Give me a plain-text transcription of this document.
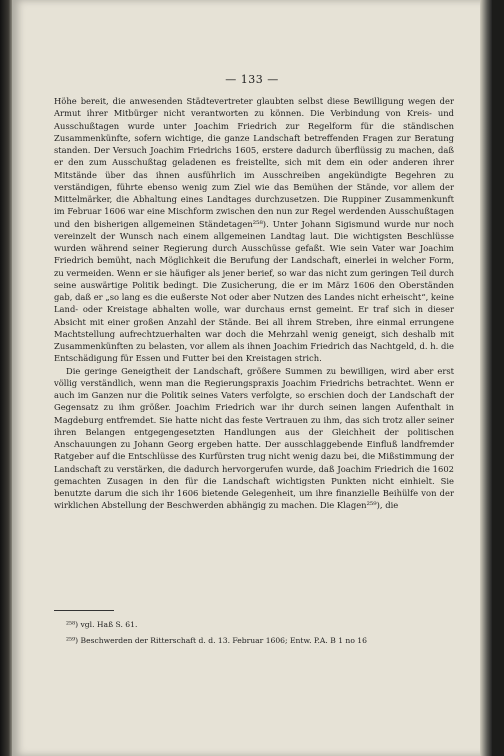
— 133 —

Höhe bereit, die anwesenden Städtevertreter glaubten selbst diese Bewilligung wegen der Armut ihrer Mitbürger nicht verantworten zu können. Die Verbindung von Kreis- und Ausschußtagen wurde unter Joachim Friedrich zur Regelform für die ständischen Zusammenkünfte, sofern wichtige, die ganze Landschaft betreffenden Fragen zur Beratung standen. Der Versuch Joachim Friedrichs 1605, erstere dadurch überflüssig zu machen, daß er den zum Ausschußtag geladenen es freistellte, sich mit dem ein oder anderen ihrer Mitstände über das ihnen ausführlich im Ausschreiben angekündigte Begehren zu verständigen, führte ebenso wenig zum Ziel wie das Bemühen der Stände, vor allem der Mittelmärker, die Abhaltung eines Landtages durchzusetzen. Die Ruppiner Zusammenkunft im Februar 1606 war eine Mischform zwischen den nun zur Regel werdenden Ausschußtagen und den bisherigen allgemeinen Ständetagen²⁵⁸). Unter Johann Sigismund wurde nur noch vereinzelt der Wunsch nach einem allgemeinen Landtag laut. Die wichtigsten Beschlüsse wurden während seiner Regierung durch Ausschüsse gefaßt. Wie sein Vater war Joachim Friedrich bemüht, nach Möglichkeit die Berufung der Landschaft, einerlei in welcher Form, zu vermeiden. Wenn er sie häufiger als jener berief, so war das nicht zum geringen Teil durch seine auswärtige Politik bedingt. Die Zusicherung, die er im März 1606 den Oberständen gab, daß er „so lang es die eußerste Not oder aber Nutzen des Landes nicht erheischt“, keine Land- oder Kreistage abhalten wolle, war durchaus ernst gemeint. Er traf sich in dieser Absicht mit einer großen Anzahl der Stände. Bei all ihrem Streben, ihre einmal errungene Machtstellung aufrechtzuerhalten war doch die Mehrzahl wenig geneigt, sich deshalb mit Zusammenkünften zu belasten, vor allem als ihnen Joachim Friedrich das Nachtgeld, d. h. die Entschädigung für Essen und Futter bei den Kreistagen strich.

Die geringe Geneigtheit der Landschaft, größere Summen zu bewilligen, wird aber erst völlig verständlich, wenn man die Regierungspraxis Joachim Friedrichs betrachtet. Wenn er auch im Ganzen nur die Politik seines Vaters verfolgte, so erschien doch der Landschaft der Gegensatz zu ihm größer. Joachim Friedrich war ihr durch seinen langen Aufenthalt in Magdeburg entfremdet. Sie hatte nicht das feste Vertrauen zu ihm, das sich trotz aller seiner ihren Belangen entgegengesetzten Handlungen aus der Gleichheit der politischen Anschauungen zu Johann Georg ergeben hatte. Der ausschlaggebende Einfluß landfremder Ratgeber auf die Entschlüsse des Kurfürsten trug nicht wenig dazu bei, die Mißstimmung der Landschaft zu verstärken, die dadurch hervorgerufen wurde, daß Joachim Friedrich die 1602 gemachten Zusagen in den für die Landschaft wichtigsten Punkten nicht einhielt. Sie benutzte darum die sich ihr 1606 bietende Gelegenheit, um ihre finanzielle Beihülfe von der wirklichen Abstellung der Beschwerden abhängig zu machen. Die Klagen²⁵⁹), die

²⁵⁸) vgl. Haß S. 61.
²⁵⁹) Beschwerden der Ritterschaft d. d. 13. Februar 1606; Entw. P.A. B 1 no 16
